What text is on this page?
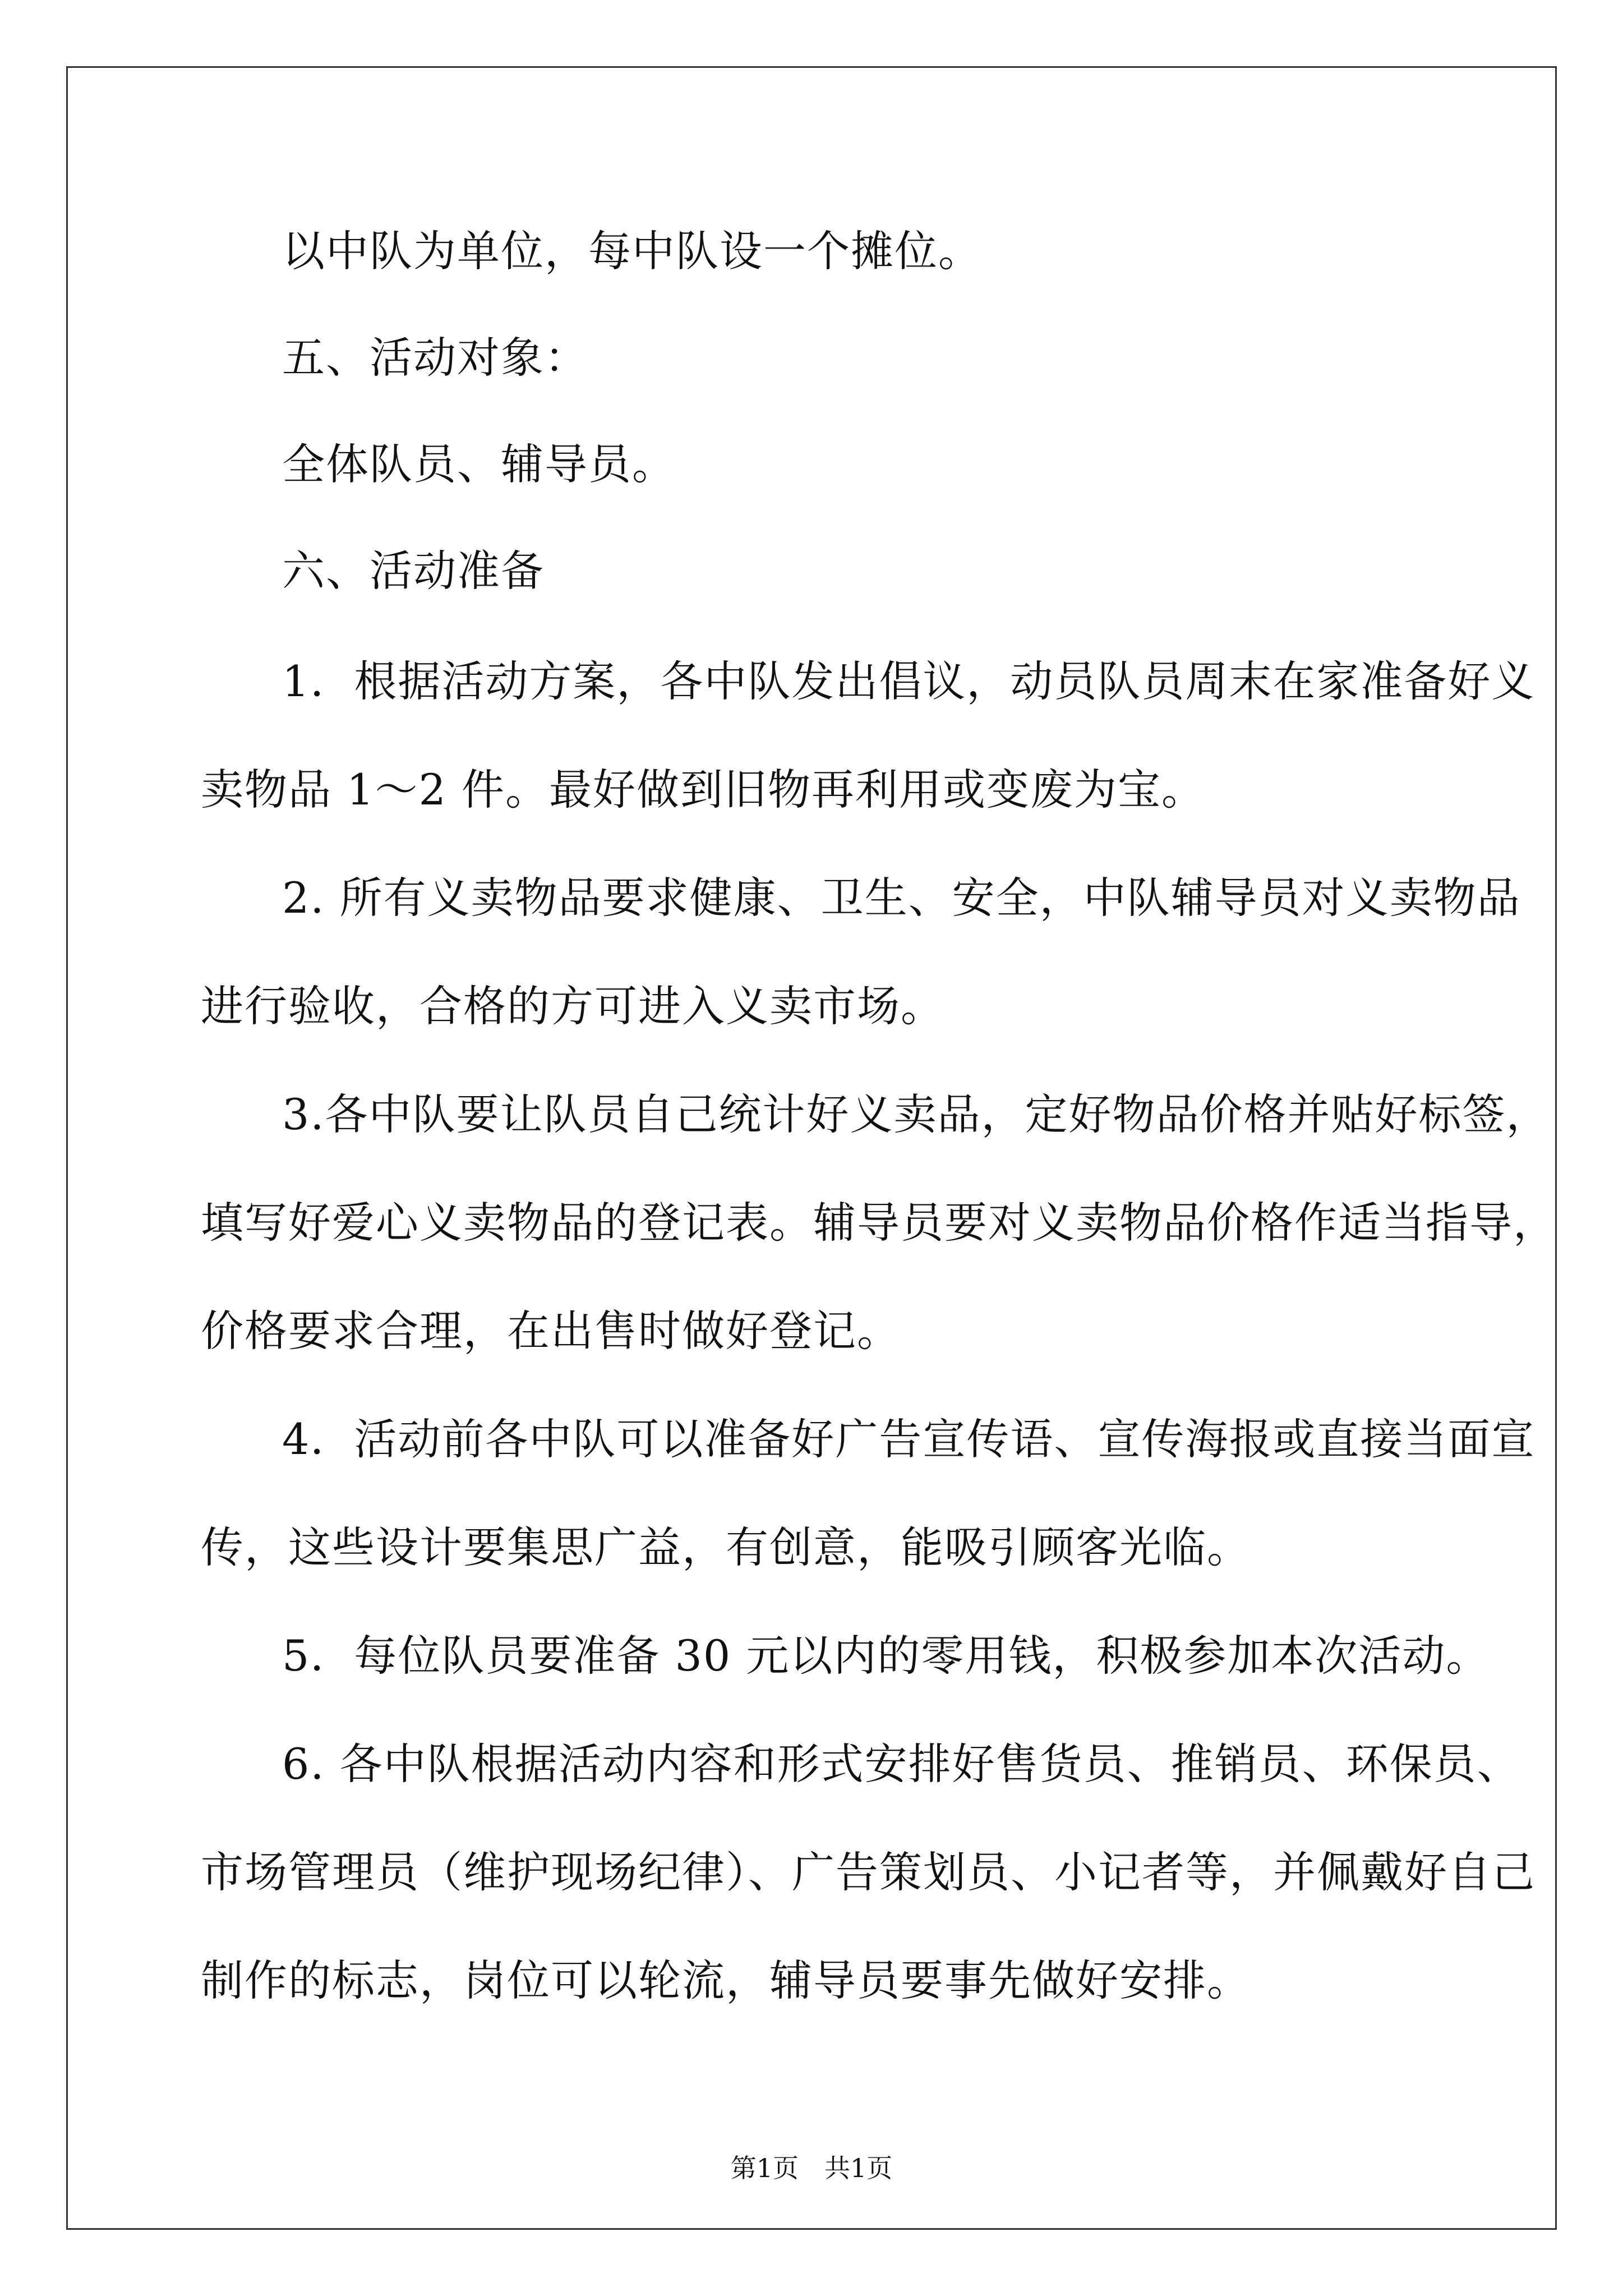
以中队为单位，每中队设一个摊位。
五、活动对象：
全体队员、辅导员。
六、活动准备
1．根据活动方案，各中队发出倡议，动员队员周末在家准备好义
卖物品 1～2 件。最好做到旧物再利用或变废为宝。
2. 所有义卖物品要求健康、卫生、安全，中队辅导员对义卖物品
进行验收，合格的方可进入义卖市场。
3.各中队要让队员自己统计好义卖品，定好物品价格并贴好标签，
填写好爱心义卖物品的登记表。辅导员要对义卖物品价格作适当指导，
价格要求合理，在出售时做好登记。
4．活动前各中队可以准备好广告宣传语、宣传海报或直接当面宣
传，这些设计要集思广益，有创意，能吸引顾客光临。
5．每位队员要准备 30 元以内的零用钱，积极参加本次活动。
6. 各中队根据活动内容和形式安排好售货员、推销员、环保员、
市场管理员（维护现场纪律）、广告策划员、小记者等，并佩戴好自己
制作的标志，岗位可以轮流，辅导员要事先做好安排。
第1页　共1页
